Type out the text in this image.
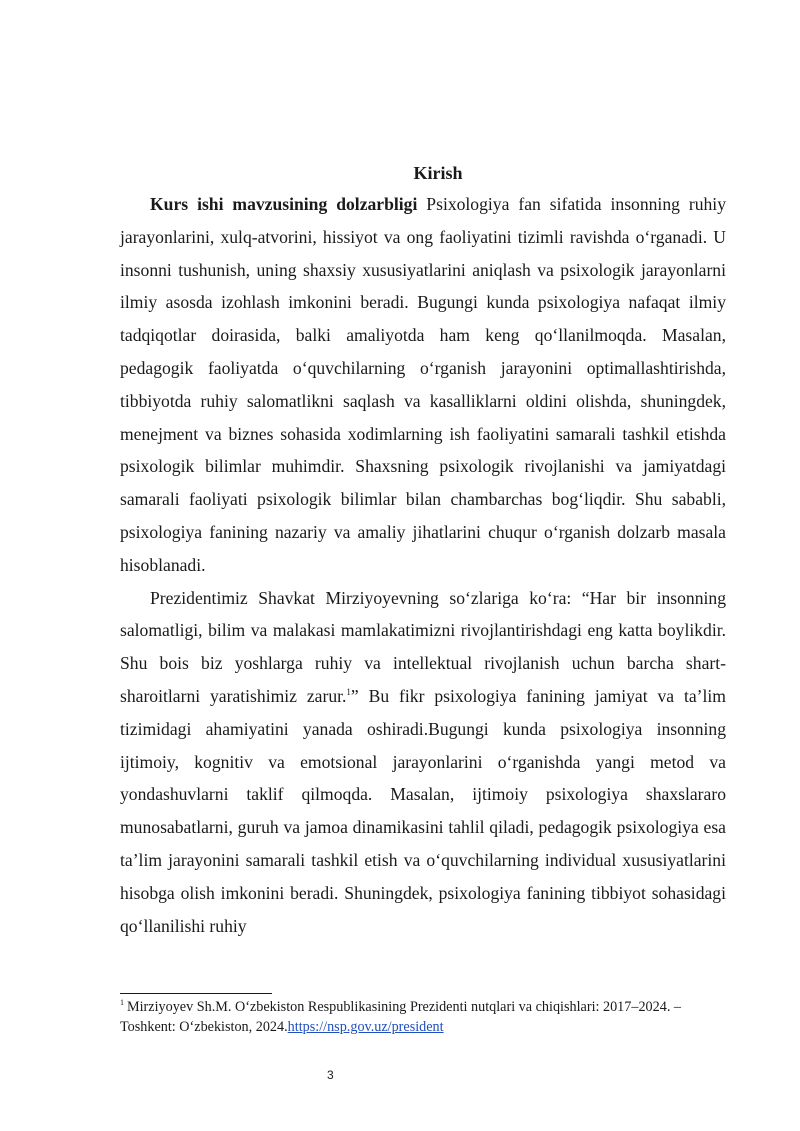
Kirish

Kurs ishi mavzusining dolzarbligi Psixologiya fan sifatida insonning ruhiy jarayonlarini, xulq-atvorini, hissiyot va ong faoliyatini tizimli ravishda o‘rganadi. U insonni tushunish, uning shaxsiy xususiyatlarini aniqlash va psixologik jarayonlarni ilmiy asosda izohlash imkonini beradi. Bugungi kunda psixologiya nafaqat ilmiy tadqiqotlar doirasida, balki amaliyotda ham keng qo‘llanilmoqda. Masalan, pedagogik faoliyatda o‘quvchilarning o‘rganish jarayonini optimallashtirishda, tibbiyotda ruhiy salomatlikni saqlash va kasalliklarni oldini olishda, shuningdek, menejment va biznes sohasida xodimlarning ish faoliyatini samarali tashkil etishda psixologik bilimlar muhimdir. Shaxsning psixologik rivojlanishi va jamiyatdagi samarali faoliyati psixologik bilimlar bilan chambarchas bog‘liqdir. Shu sababli, psixologiya fanining nazariy va amaliy jihatlarini chuqur o‘rganish dolzarb masala hisoblanadi.

Prezidentimiz Shavkat Mirziyoyevning so‘zlariga ko‘ra: “Har bir insonning salomatligi, bilim va malakasi mamlakatimizni rivojlantirishdagi eng katta boylikdir. Shu bois biz yoshlarga ruhiy va intellektual rivojlanish uchun barcha shart-sharoitlarni yaratishimiz zarur.$^1$” Bu fikr psixologiya fanining jamiyat va ta’lim tizimidagi ahamiyatini yanada oshiradi.Bugungi kunda psixologiya insonning ijtimoiy, kognitiv va emotsional jarayonlarini o‘rganishda yangi metod va yondashuvlarni taklif qilmoqda. Masalan, ijtimoiy psixologiya shaxslararo munosabatlarni, guruh va jamoa dinamikasini tahlil qiladi, pedagogik psixologiya esa ta’lim jarayonini samarali tashkil etish va o‘quvchilarning individual xususiyatlarini hisobga olish imkonini beradi. Shuningdek, psixologiya fanining tibbiyot sohasidagi qo‘llanilishi ruhiy

$^1$ Mirziyoyev Sh.M. O‘zbekiston Respublikasining Prezidenti nutqlari va chiqishlari: 2017–2024. – Toshkent: O‘zbekiston, 2024.https://nsp.gov.uz/president
3
